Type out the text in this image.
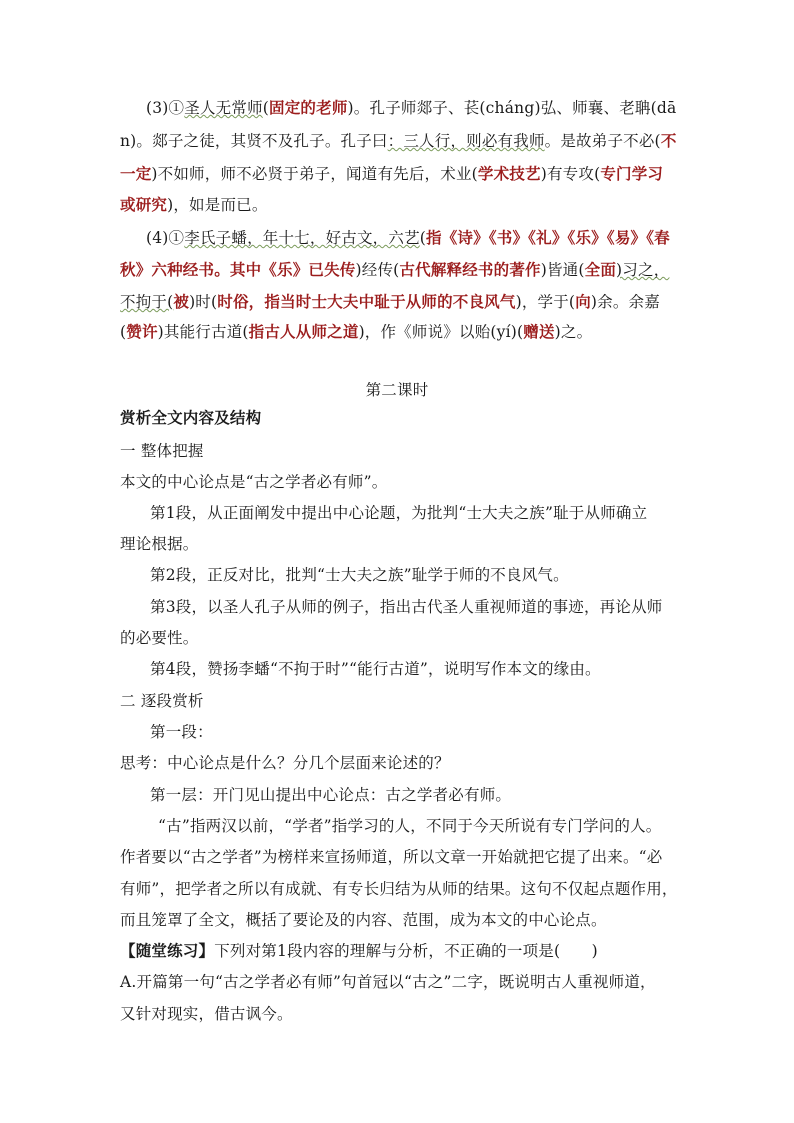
(3)①圣人无常师(固定的老师)。孔子师郯子、苌(cháng)弘、师襄、老聃(dā
n)。郯子之徒，其贤不及孔子。孔子曰：三人行，则必有我师。是故弟子不必(不
一定)不如师，师不必贤于弟子，闻道有先后，术业(学术技艺)有专攻(专门学习
或研究)，如是而已。
(4)①李氏子蟠，年十七，好古文，六艺(指《诗》《书》《礼》《乐》《易》《春
秋》六种经书。其中《乐》已失传)经传(古代解释经书的著作)皆通(全面)习之，
不拘于(被)时(时俗，指当时士大夫中耻于从师的不良风气)，学于(向)余。余嘉
(赞许)其能行古道(指古人从师之道)，作《师说》以贻(yí)(赠送)之。
第二课时
赏析全文内容及结构
一 整体把握
本文的中心论点是“古之学者必有师”。
第1段，从正面阐发中提出中心论题，为批判“士大夫之族”耻于从师确立
理论根据。
第2段，正反对比，批判“士大夫之族”耻学于师的不良风气。
第3段，以圣人孔子从师的例子，指出古代圣人重视师道的事迹，再论从师
的必要性。
第4段，赞扬李蟠“不拘于时”“能行古道”，说明写作本文的缘由。
二 逐段赏析
第一段：
思考：中心论点是什么？分几个层面来论述的？
第一层：开门见山提出中心论点：古之学者必有师。
“古”指两汉以前，“学者”指学习的人，不同于今天所说有专门学问的人。
作者要以“古之学者”为榜样来宣扬师道，所以文章一开始就把它提了出来。“必
有师”，把学者之所以有成就、有专长归结为从师的结果。这句不仅起点题作用，
而且笼罩了全文，概括了要论及的内容、范围，成为本文的中心论点。
【随堂练习】下列对第1段内容的理解与分析，不正确的一项是(　　)
A.开篇第一句“古之学者必有师”句首冠以“古之”二字，既说明古人重视师道，
又针对现实，借古讽今。
